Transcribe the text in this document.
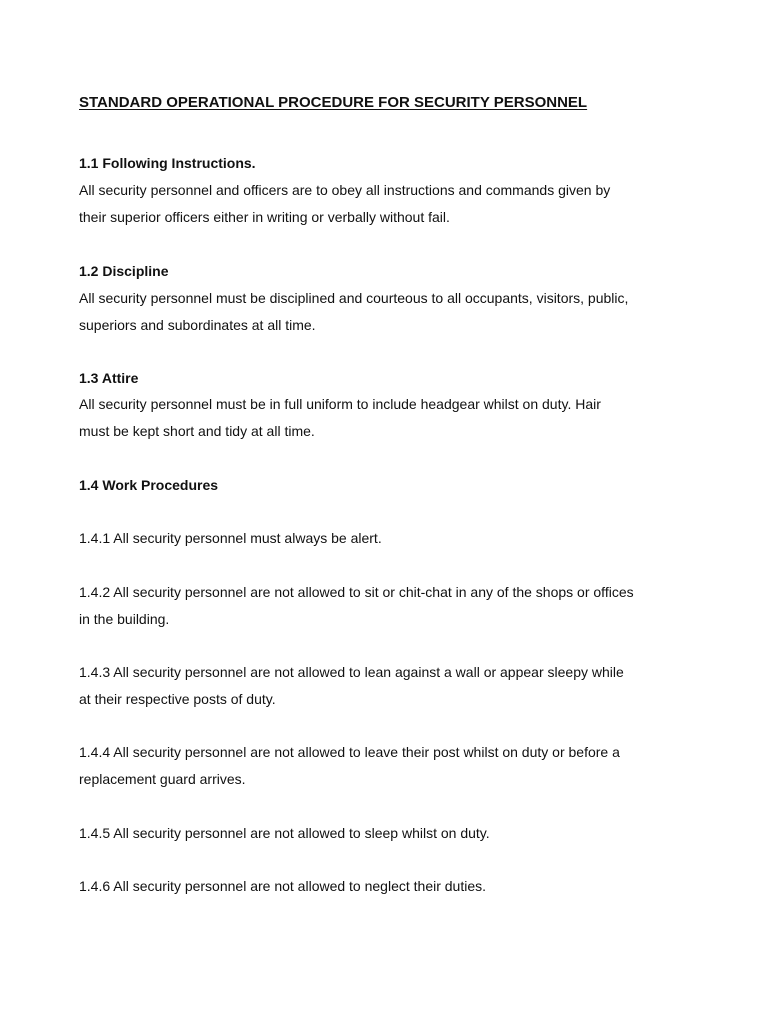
STANDARD OPERATIONAL PROCEDURE FOR SECURITY PERSONNEL
1.1 Following Instructions.

All security personnel and officers are to obey all instructions and commands given by
their superior officers either in writing or verbally without fail.

1.2 Discipline

All security personnel must be disciplined and courteous to all occupants, visitors, public,
superiors and subordinates at all time.

1.3 Attire

All security personnel must be in full uniform to include headgear whilst on duty. Hair
must be kept short and tidy at all time.

1.4 Work Procedures

1.4.1 All security personnel must always be alert.

1.4.2 All security personnel are not allowed to sit or chit-chat in any of the shops or offices
in the building.

1.4.3 All security personnel are not allowed to lean against a wall or appear sleepy while
at their respective posts of duty.

1.4.4 All security personnel are not allowed to leave their post whilst on duty or before a
replacement guard arrives.

1.4.5 All security personnel are not allowed to sleep whilst on duty.

1.4.6 All security personnel are not allowed to neglect their duties.
